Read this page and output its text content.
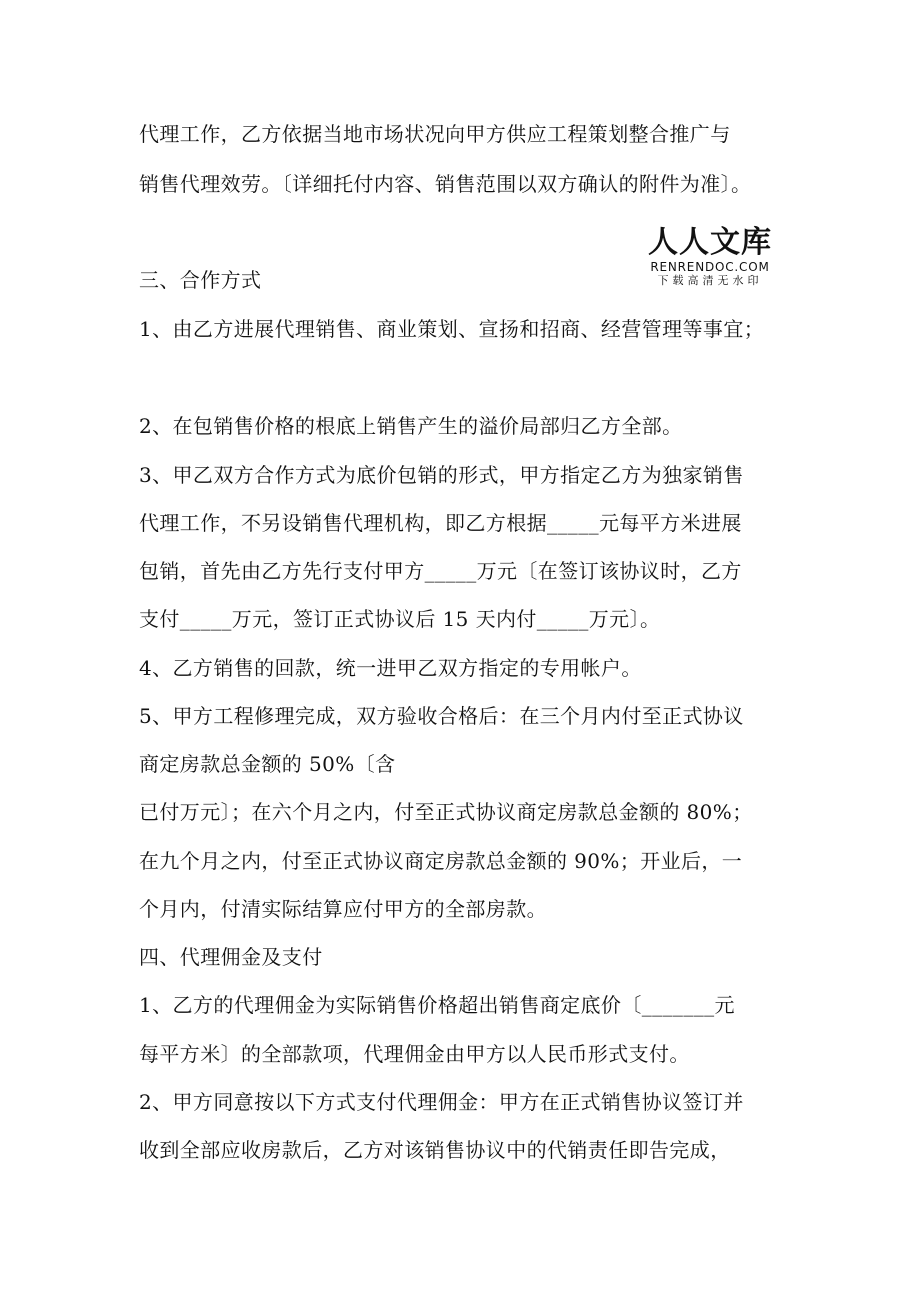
人人文库
RENRENDOC.COM
下载高清无水印
代理工作，乙方依据当地市场状况向甲方供应工程策划整合推广与
销售代理效劳。〔详细托付内容、销售范围以双方确认的附件为准〕。
三、合作方式
1、由乙方进展代理销售、商业策划、宣扬和招商、经营管理等事宜；
2、在包销售价格的根底上销售产生的溢价局部归乙方全部。
3、甲乙双方合作方式为底价包销的形式，甲方指定乙方为独家销售
代理工作，不另设销售代理机构，即乙方根据_____元每平方米进展
包销，首先由乙方先行支付甲方_____万元〔在签订该协议时，乙方
支付_____万元，签订正式协议后 15 天内付_____万元〕。
4、乙方销售的回款，统一进甲乙双方指定的专用帐户。
5、甲方工程修理完成，双方验收合格后：在三个月内付至正式协议
商定房款总金额的 50%〔含
已付万元〕；在六个月之内，付至正式协议商定房款总金额的 80%；
在九个月之内，付至正式协议商定房款总金额的 90%；开业后，一
个月内，付清实际结算应付甲方的全部房款。
四、代理佣金及支付
1、乙方的代理佣金为实际销售价格超出销售商定底价〔_______元
每平方米〕的全部款项，代理佣金由甲方以人民币形式支付。
2、甲方同意按以下方式支付代理佣金：甲方在正式销售协议签订并
收到全部应收房款后，乙方对该销售协议中的代销责任即告完成，
